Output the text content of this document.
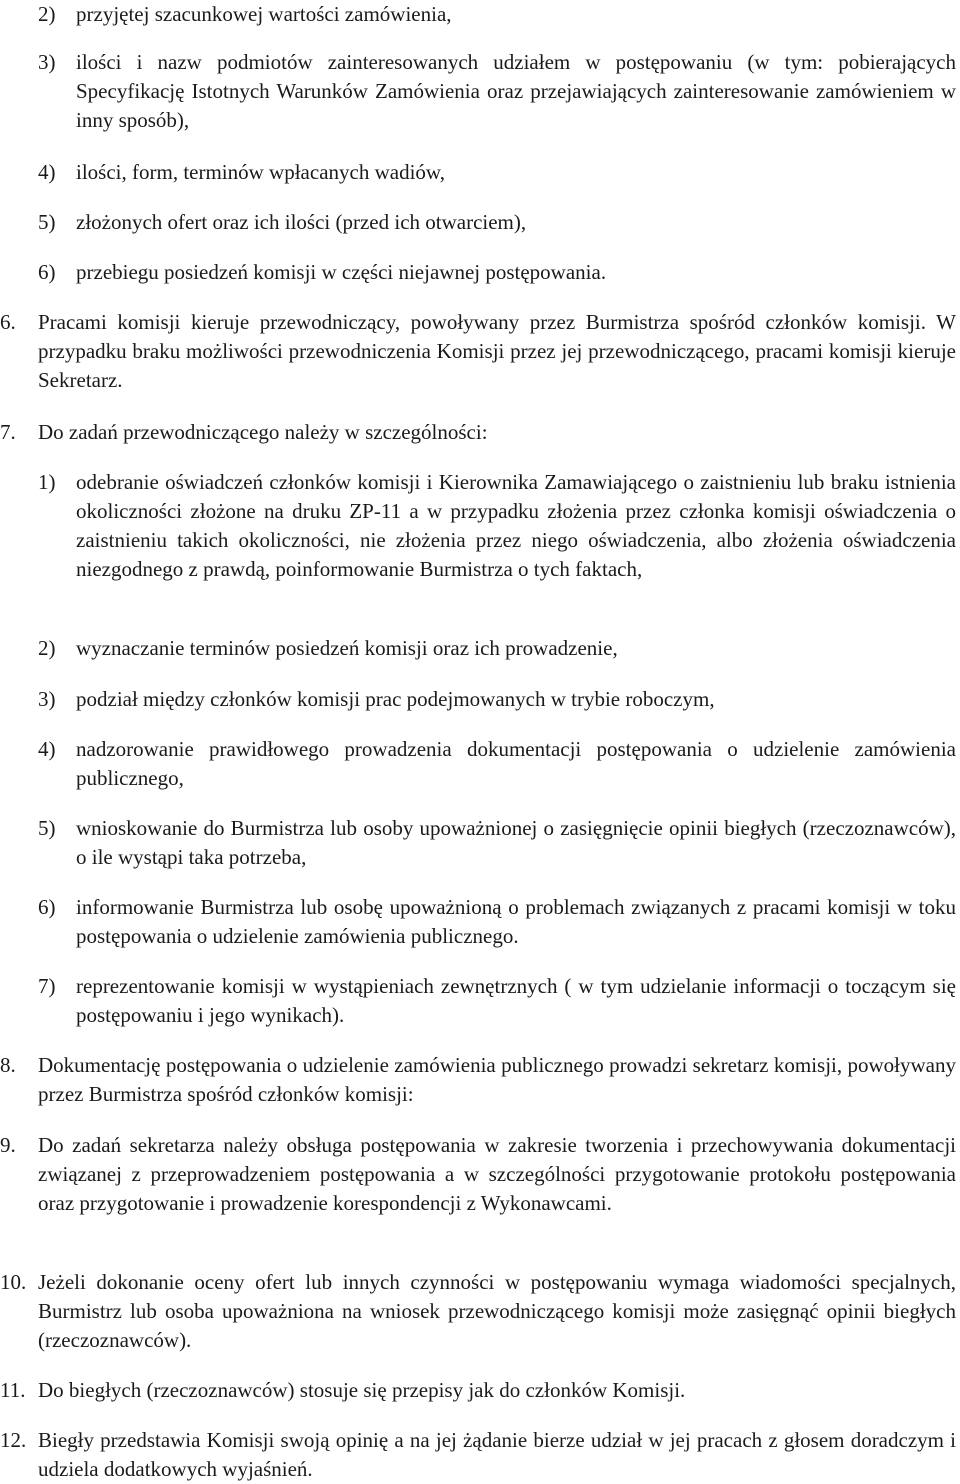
2) przyjętej szacunkowej wartości zamówienia,
3) ilości i nazw podmiotów zainteresowanych udziałem w postępowaniu (w tym: pobierających Specyfikację Istotnych Warunków Zamówienia oraz przejawiających zainteresowanie zamówieniem w inny sposób),
4) ilości, form, terminów wpłacanych wadiów,
5) złożonych ofert oraz ich ilości (przed ich otwarciem),
6) przebiegu posiedzeń komisji w części niejawnej postępowania.
6.	Pracami komisji kieruje przewodniczący, powoływany przez Burmistrza spośród członków komisji. W przypadku braku możliwości przewodniczenia Komisji przez jej przewodniczącego, pracami komisji kieruje Sekretarz.
7.	Do zadań przewodniczącego należy w szczególności:
1) odebranie oświadczeń członków komisji i Kierownika Zamawiającego o zaistnieniu lub braku istnienia okoliczności złożone na druku ZP-11 a w przypadku złożenia przez członka komisji oświadczenia o zaistnieniu takich okoliczności, nie złożenia przez niego oświadczenia, albo złożenia oświadczenia niezgodnego z prawdą, poinformowanie Burmistrza o tych faktach,
2) wyznaczanie terminów posiedzeń komisji oraz ich prowadzenie,
3) podział między członków komisji prac podejmowanych w trybie roboczym,
4) nadzorowanie prawidłowego prowadzenia dokumentacji postępowania o udzielenie zamówienia publicznego,
5) wnioskowanie do Burmistrza lub osoby upoważnionej o zasięgnięcie opinii biegłych (rzeczoznawców), o ile wystąpi taka potrzeba,
6) informowanie Burmistrza lub osobę upoważnioną o problemach związanych z pracami komisji w toku postępowania o udzielenie zamówienia publicznego.
7) reprezentowanie komisji w wystąpieniach zewnętrznych ( w tym udzielanie informacji o toczącym się postępowaniu i jego wynikach).
8.	Dokumentację postępowania o udzielenie zamówienia publicznego prowadzi sekretarz komisji, powoływany przez Burmistrza spośród członków komisji:
9.	Do zadań sekretarza należy obsługa postępowania w zakresie tworzenia i przechowywania dokumentacji związanej z przeprowadzeniem postępowania a w szczególności przygotowanie protokołu postępowania oraz przygotowanie i prowadzenie korespondencji z Wykonawcami.
10. Jeżeli dokonanie oceny ofert lub innych czynności w postępowaniu wymaga wiadomości specjalnych, Burmistrz lub osoba upoważniona na wniosek przewodniczącego komisji może zasięgnąć opinii biegłych (rzeczoznawców).
11. Do biegłych (rzeczoznawców) stosuje się przepisy jak do członków Komisji.
12. Biegły przedstawia Komisji swoją opinię a na jej żądanie bierze udział w jej pracach z głosem doradczym i udziela dodatkowych wyjaśnień.
